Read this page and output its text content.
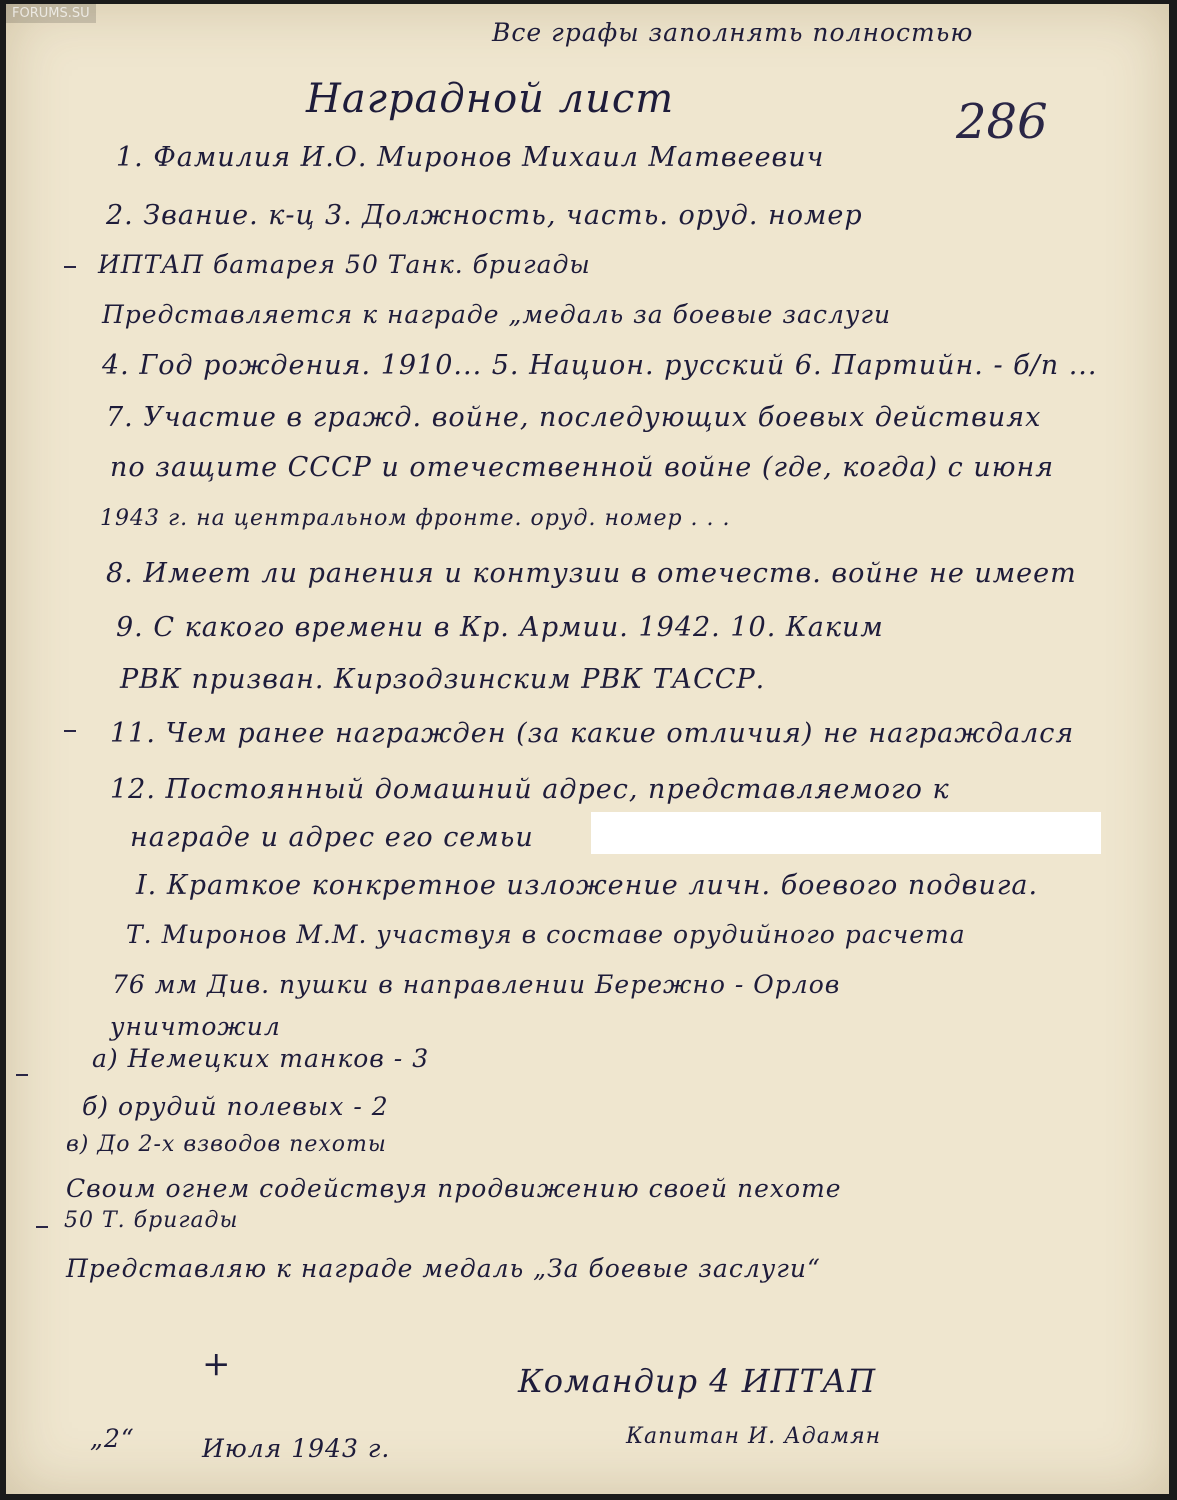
FORUMS.SU
Все графы заполнять полностью
Наградной лист	286
1. Фамилия И.О. Миронов Михаил Матвеевич
2. Звание. к-ц 3. Должность, часть. оруд. номер
ИПТАП батарея 50 Танк. бригады
Представляется к награде „медаль за боевые заслуги
4. Год рождения. 1910... 5. Национ. русский 6. Партийн. - б/п ...
7. Участие в гражд. войне, последующих боевых действиях
по защите СССР и отечественной войне (где, когда) с июня
1943 г. на центральном фронте. оруд. номер . . .
8. Имеет ли ранения и контузии в отечеств. войне не имеет
9. С какого времени в Кр. Армии. 1942. 10. Каким
РВК призван. Кирзодзинским РВК ТАССР.
11. Чем ранее награжден (за какие отличия) не награждался
12. Постоянный домашний адрес, представляемого к
награде и адрес его семьи
I. Краткое конкретное изложение личн. боевого подвига.
Т. Миронов М.М. участвуя в составе орудийного расчета
76 мм Див. пушки в направлении Бережно - Орлов
уничтожил
а) Немецких танков - 3
б) орудий полевых - 2
в) До 2-х взводов пехоты
Своим огнем содействуя продвижению своей пехоте
50 Т. бригады
Представляю к награде медаль „За боевые заслуги“
+	Командир 4 ИПТАП
Капитан И. Адамян
„2“	Июля 1943 г.
